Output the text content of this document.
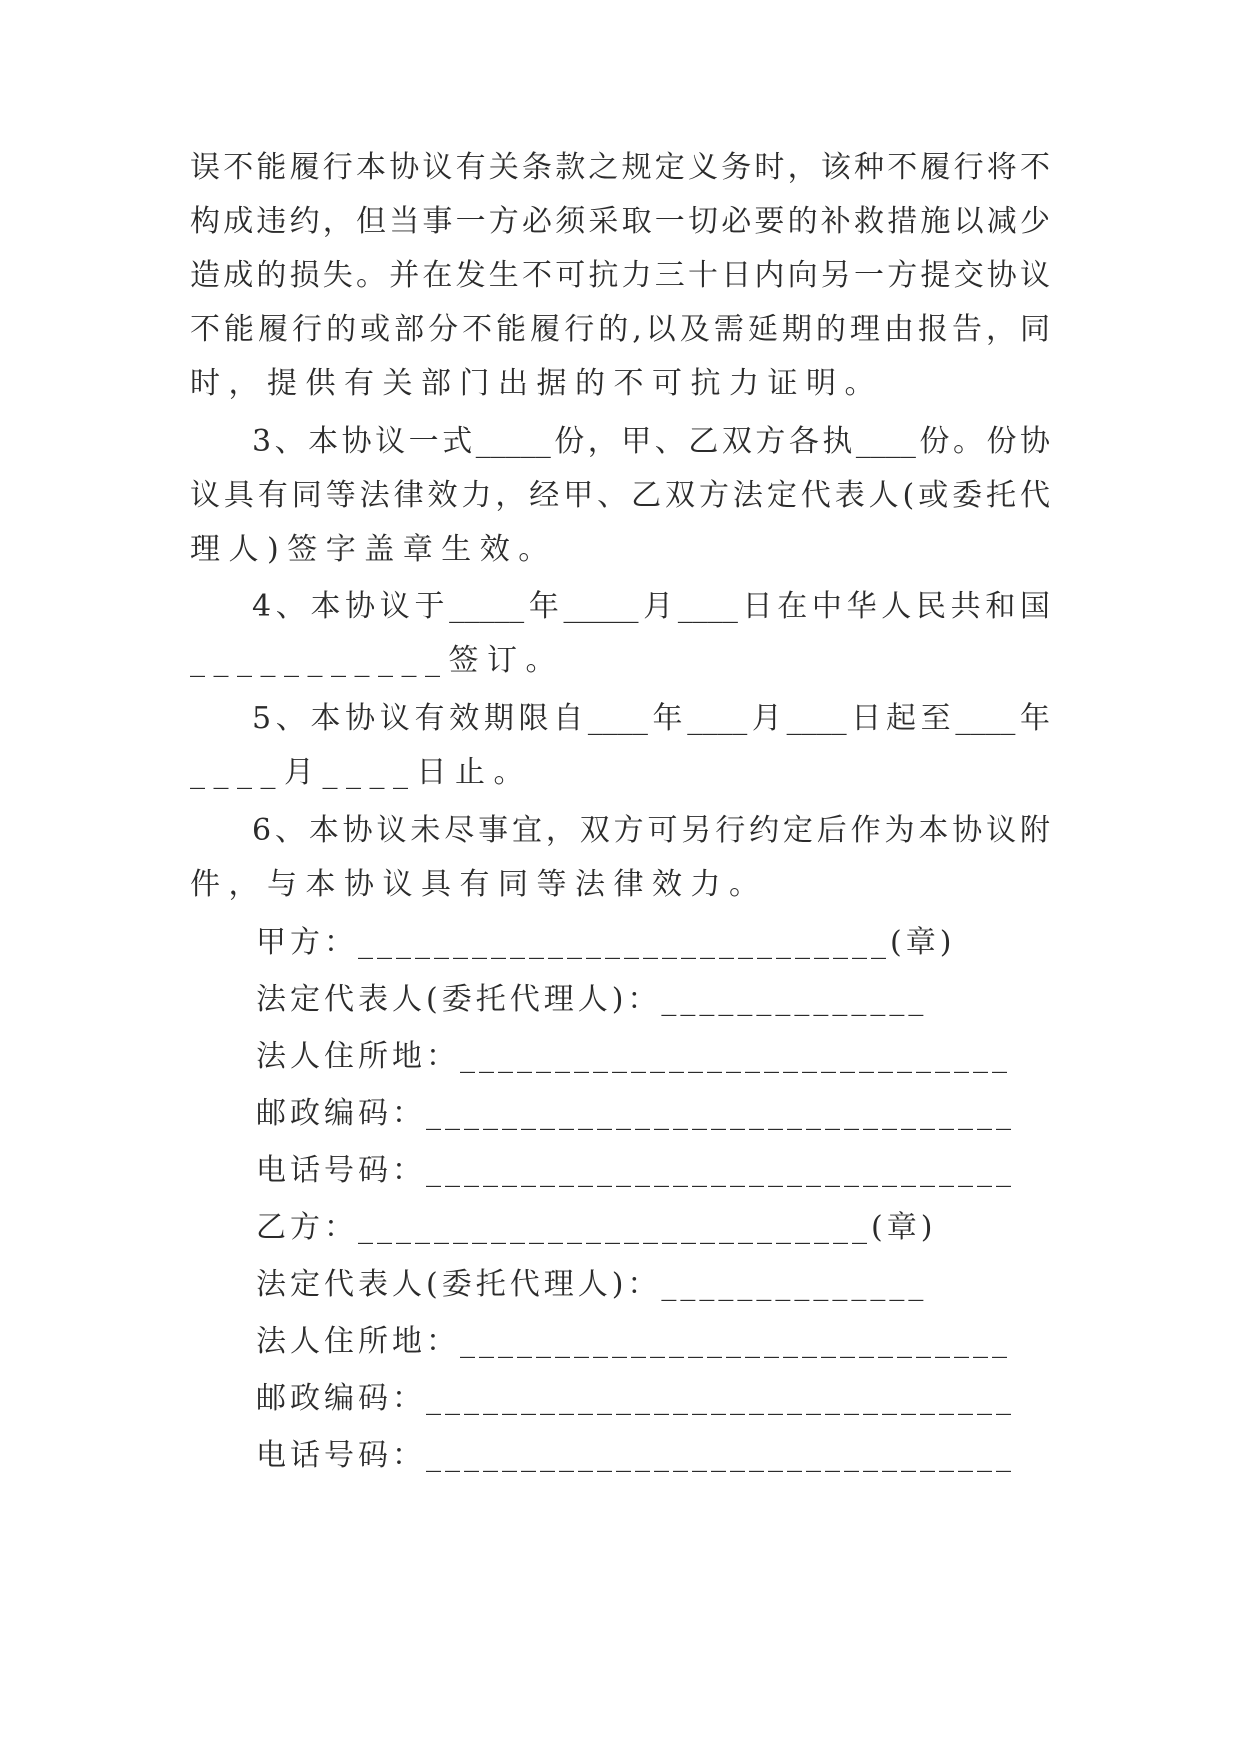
误不能履行本协议有关条款之规定义务时，该种不履行将不
构成违约，但当事一方必须采取一切必要的补救措施以减少
造成的损失。并在发生不可抗力三十日内向另一方提交协议
不能履行的或部分不能履行的,以及需延期的理由报告，同
时，提供有关部门出据的不可抗力证明。
3、本协议一式_____份，甲、乙双方各执____份。份协
议具有同等法律效力，经甲、乙双方法定代表人(或委托代
理人)签字盖章生效。
4、本协议于_____年_____月____日在中华人民共和国
___________签订。
5、本协议有效期限自____年____月____日起至____年
____月____日止。
6、本协议未尽事宜，双方可另行约定后作为本协议附
件，与本协议具有同等法律效力。
甲方：____________________________(章)
法定代表人(委托代理人)：______________
法人住所地：_____________________________
邮政编码：_______________________________
电话号码：_______________________________
乙方：___________________________(章)
法定代表人(委托代理人)：______________
法人住所地：_____________________________
邮政编码：_______________________________
电话号码：_______________________________
